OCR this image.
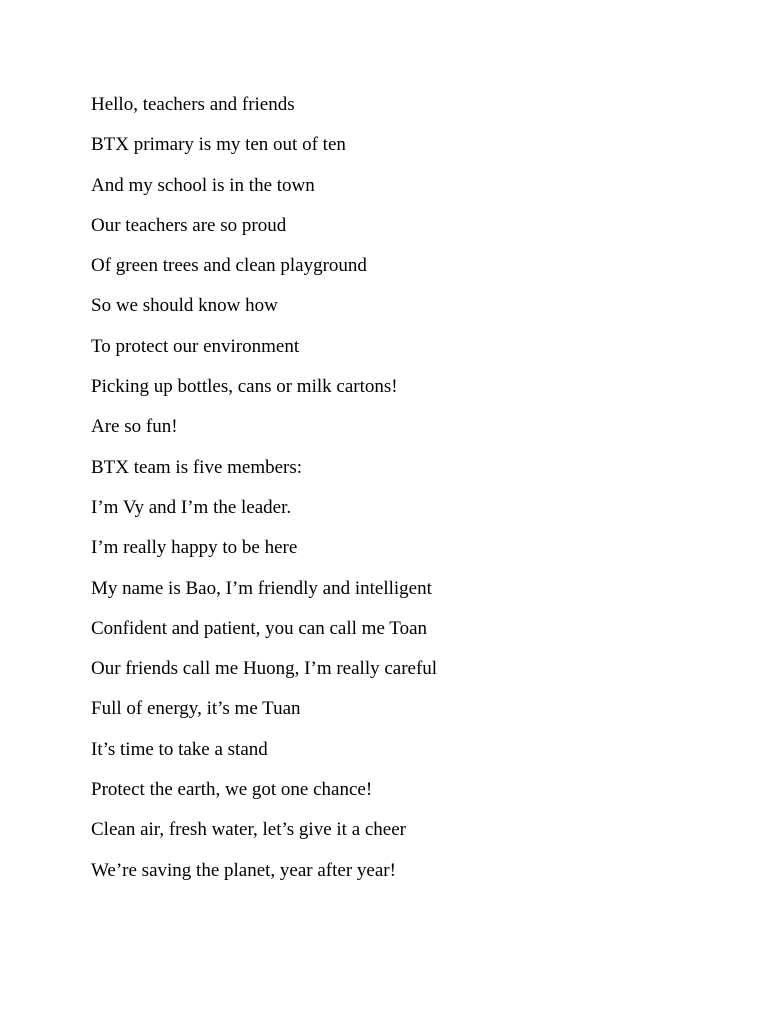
Hello, teachers and friends
BTX primary is my ten out of ten
And my school is in the town
Our teachers are so proud
Of green trees and clean playground
So we should know how
To protect our environment
Picking up bottles, cans or milk cartons!
Are so fun!
BTX team is five members:
I’m Vy and I’m the leader.
I’m really happy to be here
My name is Bao, I’m friendly and intelligent
Confident and patient, you can call me Toan
Our friends call me Huong, I’m really careful
Full of energy, it’s me Tuan
It’s time to take a stand
Protect the earth, we got one chance!
Clean air, fresh water, let’s give it a cheer
We’re saving the planet, year after year!
